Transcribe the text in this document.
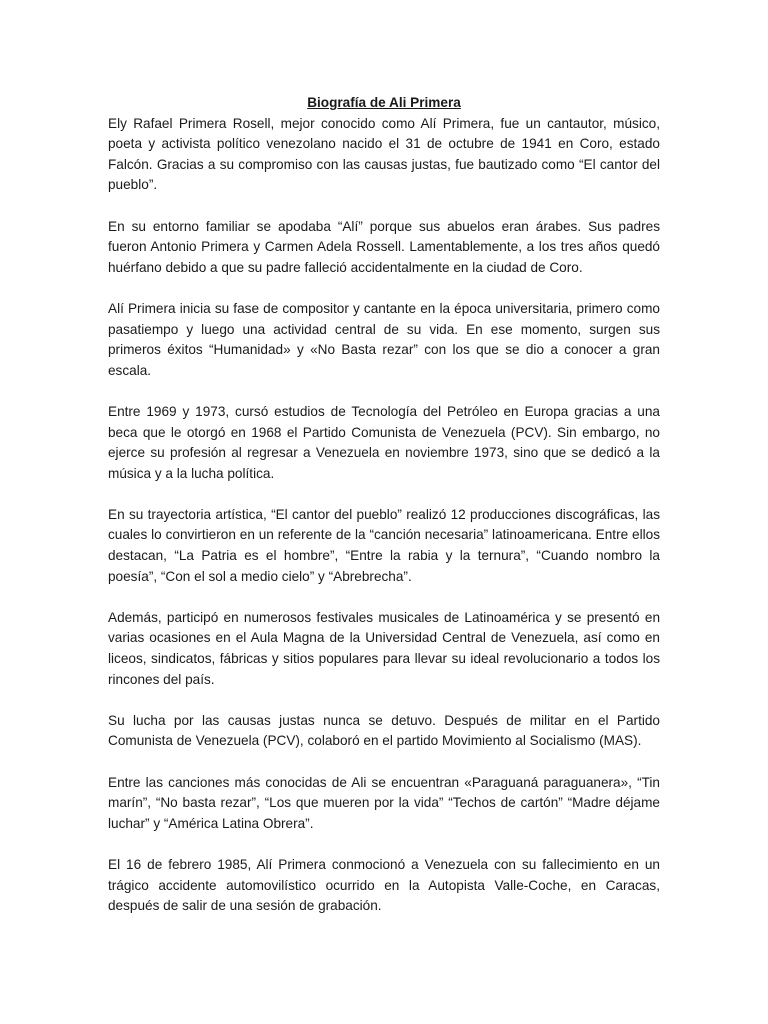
Biografía de Ali Primera

Ely Rafael Primera Rosell, mejor conocido como Alí Primera, fue un cantautor, músico, poeta y activista político venezolano nacido el 31 de octubre de 1941 en Coro, estado Falcón. Gracias a su compromiso con las causas justas, fue bautizado como “El cantor del pueblo”.

En su entorno familiar se apodaba “Alí” porque sus abuelos eran árabes. Sus padres fueron Antonio Primera y Carmen Adela Rossell. Lamentablemente, a los tres años quedó huérfano debido a que su padre falleció accidentalmente en la ciudad de Coro.

Alí Primera inicia su fase de compositor y cantante en la época universitaria, primero como pasatiempo y luego una actividad central de su vida. En ese momento, surgen sus primeros éxitos “Humanidad» y «No Basta rezar” con los que se dio a conocer a gran escala.

Entre 1969 y 1973, cursó estudios de Tecnología del Petróleo en Europa gracias a una beca que le otorgó en 1968 el Partido Comunista de Venezuela (PCV). Sin embargo, no ejerce su profesión al regresar a Venezuela en noviembre 1973, sino que se dedicó a la música y a la lucha política.

En su trayectoria artística, “El cantor del pueblo” realizó 12 producciones discográficas, las cuales lo convirtieron en un referente de la “canción necesaria” latinoamericana. Entre ellos destacan, “La Patria es el hombre”, “Entre la rabia y la ternura”, “Cuando nombro la poesía”, “Con el sol a medio cielo” y “Abrebrecha”.

Además, participó en numerosos festivales musicales de Latinoamérica y se presentó en varias ocasiones en el Aula Magna de la Universidad Central de Venezuela, así como en liceos, sindicatos, fábricas y sitios populares para llevar su ideal revolucionario a todos los rincones del país.

Su lucha por las causas justas nunca se detuvo. Después de militar en el Partido Comunista de Venezuela (PCV), colaboró en el partido Movimiento al Socialismo (MAS).

Entre las canciones más conocidas de Ali se encuentran «Paraguaná paraguanera», “Tin marín”, “No basta rezar”, “Los que mueren por la vida” “Techos de cartón” “Madre déjame luchar” y “América Latina Obrera”.

El 16 de febrero 1985, Alí Primera conmocionó a Venezuela con su fallecimiento en un trágico accidente automovilístico ocurrido en la Autopista Valle-Coche, en Caracas, después de salir de una sesión de grabación.
